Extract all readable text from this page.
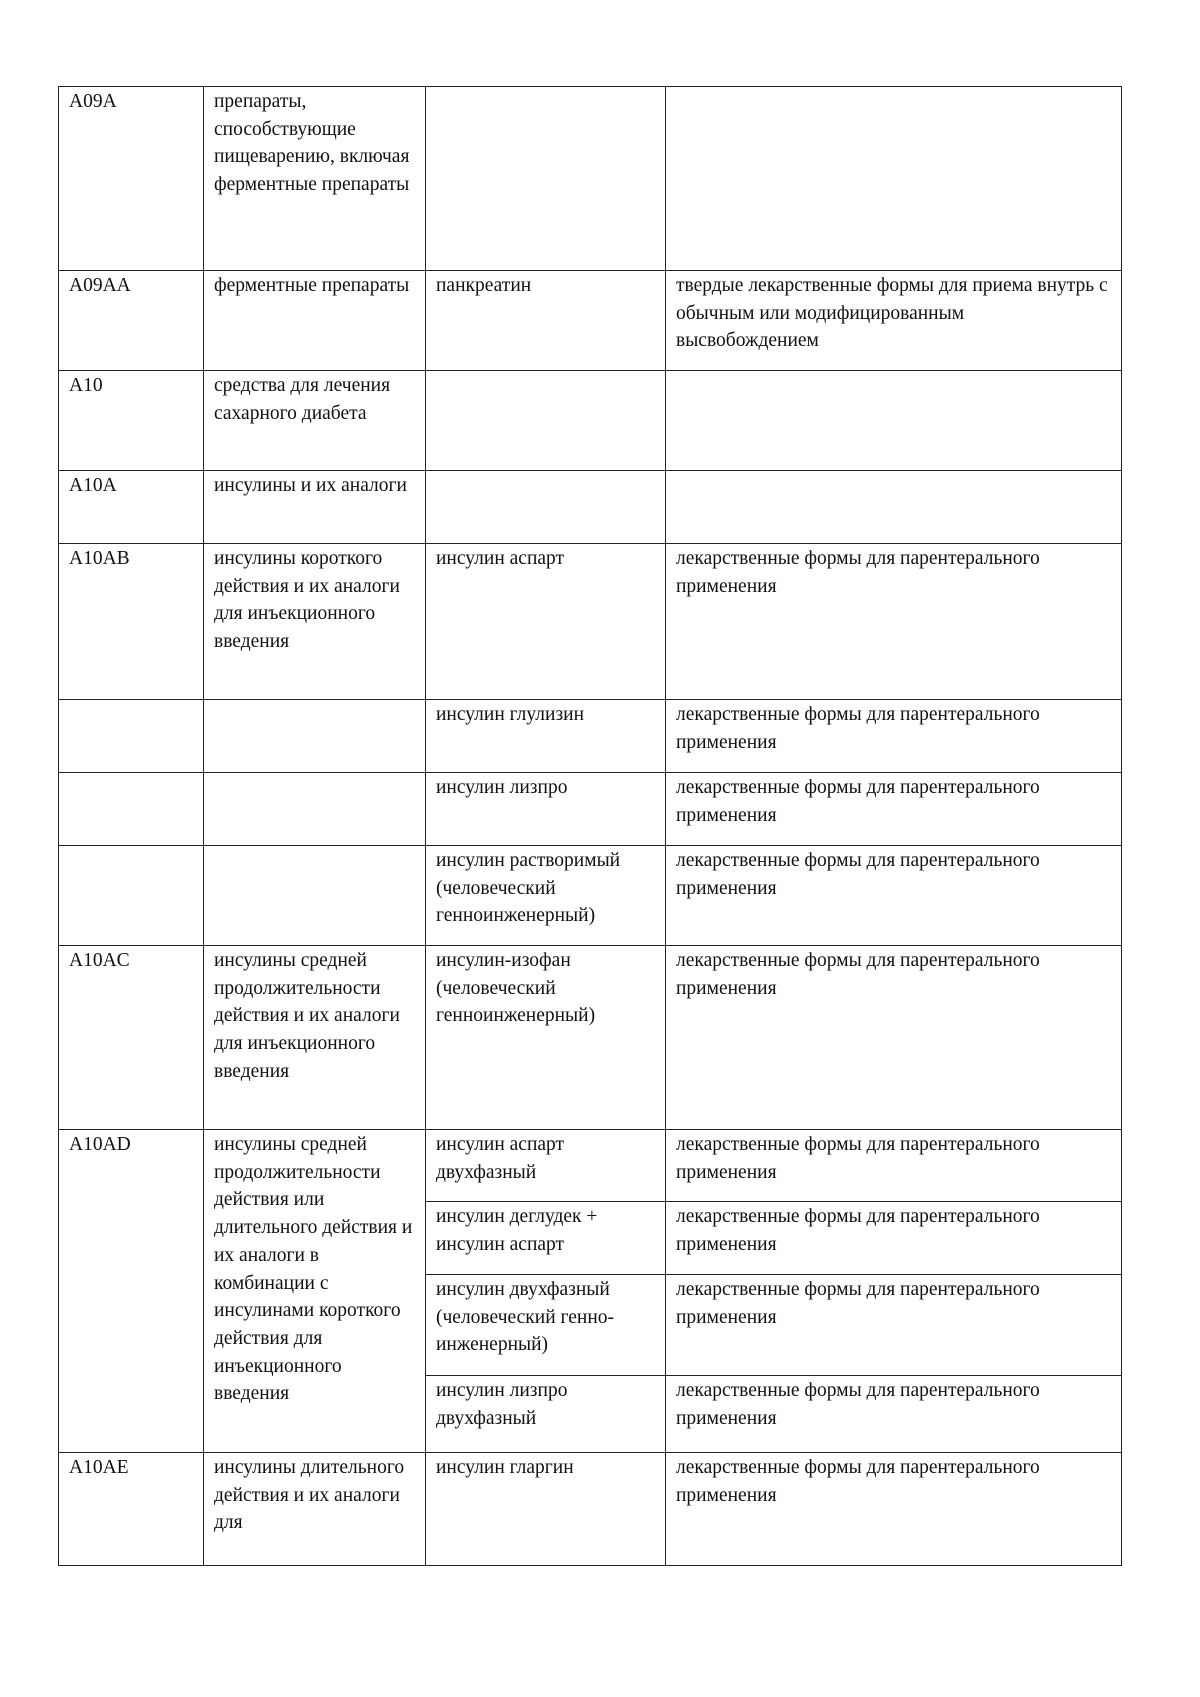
A09A	препараты, способствующие пищеварению, включая ферментные препараты		
A09AA	ферментные препараты	панкреатин	твердые лекарственные формы для приема внутрь с обычным или модифицированным высвобождением
A10	средства для лечения сахарного диабета		
A10A	инсулины и их аналоги		
A10AB	инсулины короткого действия и их аналоги для инъекционного введения	инсулин аспарт	лекарственные формы для парентерального применения
		инсулин глулизин	лекарственные формы для парентерального применения
		инсулин лизпро	лекарственные формы для парентерального применения
		инсулин растворимый (человеческий генноинженерный)	лекарственные формы для парентерального применения
A10AC	инсулины средней продолжительности действия и их аналоги для инъекционного введения	инсулин-изофан (человеческий генноинженерный)	лекарственные формы для парентерального применения
A10AD	инсулины средней продолжительности действия или длительного действия и их аналоги в комбинации с инсулинами короткого действия для инъекционного введения	инсулин аспарт двухфазный	лекарственные формы для парентерального применения
		инсулин деглудек + инсулин аспарт	лекарственные формы для парентерального применения
		инсулин двухфазный (человеческий генно-инженерный)	лекарственные формы для парентерального применения
		инсулин лизпро двухфазный	лекарственные формы для парентерального применения
A10AE	инсулины длительного действия и их аналоги для	инсулин гларгин	лекарственные формы для парентерального применения
